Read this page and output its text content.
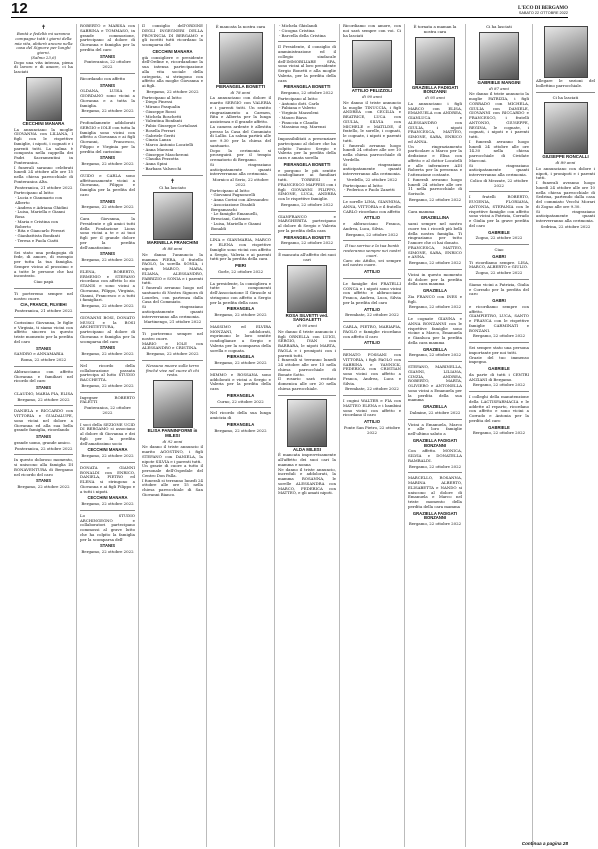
12	L'ECO DI BERGAMO
SABATO 22 OTTOBRE 2022
✝
Bontà e fedeltà mi saranno compagne tutti i giorni della mia vita, abiterò ancora nella casa del Signore per lunghi giorni.
(Salmo 23,6)
Dopo una vita intensa, piena di lavoro e di amore, ci ha lasciati
CECCHINI MANARA
La annunciano la moglie GIOVANNA con LILIANA, I figli con le rispettive famiglie, i nipoti, i cognati e i parenti tutti. La salma è composta nella cappella dei Padri Sacramentini in Ponteranica.
I funerali saranno celebrati lunedì 24 ottobre alle ore 15 nella chiesa parrocchiale di Ponteranica Alta.
Ponteranica, 21 ottobre 2022
Partecipano al lutto:
- Lucia e Gianmario con Alberto
- Andrea e Adriana Ghidini
- Luisa, Mariella e Gianni Rosa
- Maria e Cristina con Roberto
- Rita e Giancarlo Ferrari
- Gianbattista Bonfanti
- Teresa e Paola Ciatti
Sei stato una pedagogia di fede, di amore, di esempio per tutta la tua famiglia. Sempre vicino al prossimo e a tutte le persone che hai incontrato.
Ciao papà
Ti porteremo sempre nel nostro cuore.
CIA, FRANCE, FILVIEHI
Ponteranica, 21 ottobre 2022
Corissimo Giovanna, le figlie e Virginia, ti siamo vicini con affetto sincero in questo triste momento per la perdita del caro
STANIS
SANDRO e ANNAMARIA
Roma, 22 ottobre 2022
Abbracciamo con affetto Giovanna e familiari nel ricordo del caro
STANIS
CLAUDIO, MARIA PIA, ELISA
Bergamo, 22 ottobre 2022
DANIELA e RICCARDO con VITTORIA e GUADALUPE, sono vicini nel dolore a Giovanna ed alla sua bella grande famiglia, ricordando
STANIS
grande uomo, grande amico.
Ponteranica, 22 ottobre 2022
In questo doloroso momento, si uniscono alla famiglia DI BONAVENTURA di Bergamo nel ricordo del caro
STANIS
Bergamo, 22 ottobre 2022
ROBERTO e MARISA con SABRINA e TOMMASO, in grande commozione, partecipano al dolore di Giovanna e famiglia per la perdita del caro
STANIS
Ponteranica, 22 ottobre 2022
Ricordando con affetto
STANIS
OLDANA, LUISA e GIORDANO sono vicini a Giovanna e a tutta la famiglia.
Bergamo, 22 ottobre 2022
Profondamente addolorati SERGIO e IOLE con tutta la famiglia sono vicini con affetto a Giovanna e ai figli Giovanni, Francesco, Filippo e Virginia per la perdita del carissimo
STANIS
Bergamo, 22 ottobre 2022
GUIDO e CARLA sono affettuosamente vicini a Giovanna, Filippo e famiglia per la perdita del caro
STANIS
Bergamo, 22 ottobre 2022
Cara Giovanna, la Presidente e gli amici tutti della Fondazione Lions sono vicini a te e ai tuoi figli per il grande dolore per la perdita dell'amatissimo
STANIS
Bergamo, 22 ottobre 2022
ELENA, ROBERTO, ERMENIO e STEFANO ricordano con affetto lo zio STANIS e sono vicini a Giovanna, Filippo, Virginia, Gianni, Francesco e a tutti i famigliari.
Bergamo, 22 ottobre 2022
GIOVANNI BOSI, DONATO MUSCI e la BOSI ARCHITETTURA, partecipano al dolore di Giovanna e famiglia per la scomparsa del caro
STANIS
Bergamo, 22 ottobre 2022
Nel ricordo della collaborazione passata partecipa al lutto STUDIO BACCHETTA.
Bergamo, 22 ottobre 2022
Ingegner ROBERTO FALETTI
Ponteranica, 22 ottobre 2022
I soci della SEZIONE UCID DI BERGAMO si associano al dolore di Giovanna e dei figli per la perdita dell'amatissimo socio
CECCHINI MANARA
Bergamo, 22 ottobre 2022
DONATA e GIANNI BONALDI con ENRICO, DANIELA, PIETRO ed ELENA si stringono a Giovanna e ai figli Filippo e a tutti i nipoti.
CECCHINI MANARA
Bergamo, 22 ottobre 2022
Lo STUDIO ARCHINGEGNO e collaboratori partecipano commossi al grave lutto che ha colpito la famiglia per la scomparsa dell'
STANIS
Bergamo, 22 ottobre 2022
Il consiglio dell'ORDINE DEGLI INGEGNERI DELLA PROVINCIA DI BERGAMO e gli iscritti tutti ricordano la scomparsa del
CECCHINI MANARA
già consigliere e presidente dell'Ordine e, ricordandone la sua intensa partecipazione alla vita sociale della categoria, si stringono con affetto alla moglie Giovanna e ai figli.
Bergamo, 22 ottobre 2022
Partecipano al lutto:
- Diego Pinessi
- Mirano Pasqualin
- Giuseppe Rossi
- Michela Boschetti
- Valentina Bonfanti
- Fabio Giuseppe Cortalozzi
- Rosella Ferrari
- Gabriele Geriti
- Cinzia Lanza
- Marco Antonio Locatelli
- Anna Marzoni
- Giuseppe Mascheroni
- Claudia Pezzotta
- Anna Spini
- Barbara Valsecchi
✝
Ci ha lasciato
MARINELLA FRANCHINI
di 88 anni
Ne danno l'annuncio la mamma PIERA, il fratello PAOLO, la sorella SONIA, i nipoti MARCO, MARA, ELIANA, ALESSANDRO, FABRIZIO e SONIA e i parenti tutti.
I funerali avranno luogo nel santuario di Nostra Signora di Lourdes, con partenza dalla Casa del Commiato.
Si ringraziano anticipatamente quanti interverranno alla cerimonia.
Martinengo, 21 ottobre 2022
Ti porteremo sempre nel nostro cuore.
MARIO e IOLE con ALESSANDRO e CRISTINA.
Bergamo, 22 ottobre 2022
Nessuno muore sulla terra finché vive nel cuore di chi resta.
ELISA PANNINFORMI in MILESI
di 92 anni
Ne danno il triste annuncio il marito AGOSTINO, i figli STEFANO con DANIELA, la nipote SILVIA e i parenti tutti.
Un grazie di cuore a tutto il personale dell'Ospedale del Centro Don Palla.
I funerali si terranno lunedì 24 ottobre alle ore 15 nella chiesa parrocchiale di San Giovanni Bianco.
È mancata la nostra cara
PIERANGELA BONETTI
di 78 anni
La annunciano con dolore il marito SERGIO con VALERIA e i parenti tutti. Un sentito ringraziamento a Carmen, Rita e Alberta per la lunga assistenza e il grande affetto.
La camera ardente è allestita presso la Casa del Commiato di Lallio. La salma partirà alle ore 9.30 per la chiesa del santuario.
Dopo la cerimonia si proseguirà per il tempio crematorio di Bergamo.
Si ringraziano anticipatamente quanti interverranno alla cerimonia.
Mornico al Serio, 22 ottobre 2022
Partecipano al lutto:
- Giovanni Pagnoncelli
- Anna Corini con Alessandro
- Associazione Disabili Bergamaschi
- Le famiglie Emanuelli, Bresciani, Cattaneo
- Luisa, Mariella e Gianni Bonaldi
LINA e GIANMARIA, MARCO e ELENA con rispettive famiglie sono vicini con affetto a Sergio, Valeria e ai parenti tutti per la perdita della cara
PIERI
Gorle, 22 ottobre 2022
La presidente, la consigliera e tutte le componenti dell'Associazione Il Girasole si stringono con affetto a Sergio per la perdita della cara
PIERANGELA
Bergamo, 22 ottobre 2022
MASSIMO ed ELVIRA MONZANI, addolorati, esprimono le loro sentite condoglianze a Sergio e Valeria per la scomparsa della sorella e cognata.
PIERANGELA
Bergamo, 22 ottobre 2022
MIMMO e ROSSANA sono addolorati e vicini a Sergio e Valeria per la perdita della cara
PIERANGELA
Curno, 22 ottobre 2022
Nel ricordo della sua lunga amicizia di
PIERANGELA
Bergamo, 22 ottobre 2022
- Michela Ghislandi
- Cicogna Cristina
- Barcella della Cristina
Il Presidente, il consiglio di amministrazione ed il collegio sindacale dell'IMMOBILIARE SPA, sono vicini al loro presidente Sergio Bonetti e alla moglie Valeria, per la perdita della cara
PIERANGELA BONETTI
Bergamo, 22 ottobre 2022
Partecipano al lutto:
- Antonio dott. Carlo
- Fabiana e Valerio
- Virginio Mazzoleni
- Mauro Biava
- Pinuccia e Claudio
- Massimo rag. Marenzi
Impossibilitati a presenziare partecipano al dolore che ha colpito l'amico Sergio e Valeria per la perdita della cara e amata sorella
PIERANGELA BONETTI
e porgono le più sentite condoglianze ai familiari tutti. TORRESI e FRANCESCO MAFFEIS con i figli GIOVANNI FILIPPO, SIMONE, LUCA, ANDREA con le rispettive famiglie.
Bergamo, 22 ottobre 2022
GIANFRANCO e MARGHERITA partecipano al dolore di Sergio e Valeria per la perdita della cara
PIERANGELA BONETTI
Bergamo, 22 ottobre 2022
È mancata all'affetto dei suoi cari
ROSA SILVETTI ved. SANGALETTI
di 90 anni
Ne danno il triste annuncio i figli ORNELLA con LUIGI, SERGIO, IVAN con BARBARA, le nipoti MARTA, PAOLA e i pronipoti con i parenti tutti.
I funerali si terranno lunedì 24 ottobre alle ore 15 nella chiesa parrocchiale di Bonate Sotto.
Il rosario sarà recitato domenica alle ore 20 nella chiesa parrocchiale.
ALDA MILESI
È mancata improvvisamente all'affetto dei suoi cari la mamma e nonna
Ne danno il triste annuncio, increduli e addolorati, la mamma ROSANNA, le sorelle ALESSANDRA con MARCO, FEDERICA con MATTEO, e gli amati nipoti.
Ricordiamo con amore, con noi sarà sempre con voi. Ci ha lasciati
ATTILIO PELIZZOLI
di 90 anni
Ne danno il triste annuncio la moglie TINUCCIA, i figli ANDREA con CECILIA e BEATRICE, LUCA con GIULIA, SILVIA con MICHELE e MATILDE, il fratello, le sorelle, i cognati, le cognate, i nipoti e parenti tutti.
I funerali avranno luogo lunedì 24 ottobre alle ore 10 nella chiesa parrocchiale di Verdello.
Si ringraziano anticipatamente quanti interverranno alla cerimonia.
Verdello, 22 ottobre 2022
Partecipano al lutto:
- Federica e Paolo Zanetti
Le sorelle LINA, GIANNINA, ANNA, VITTORIA e il fratello CARLO ricordano con affetto
ATTILIO
e abbracciano Franca, Andrea, Luca, Silvia.
Bergamo, 22 ottobre 2022
Il tuo sorriso e la tua bontà resteranno sempre nei nostri cuori.
Caro zio Attilio, sei sempre nel nostro cuore.
ATTILIO
Le famiglie dei FRATELLI CONCA e i nipoti sono vicini con affetto e abbracciano Franca, Andrea, Luca, Silvia per la perdita del caro
ATTILIO
Brembate, 22 ottobre 2022
CARLA, PIETRO, MARIAPIA, PAOLO e famiglie ricordano con affetto il caro
ATTILIO
RENATO FOSSANI con VITTORIA, i figli PAOLO con SABRINA e YANNICK, FEDERICA con CRISTIAN sono vicini con affetto a Franca, Andrea, Luca e Silvia.
Brembate, 22 ottobre 2022
I cugini WALTER e FIA con MATTEO ELENA e i bambini sono vicini con affetto e ricordano il caro
ATTILIO
Ponte San Pietro, 22 ottobre 2022
È tornata a maman la nostra cara
GRAZIELLA FADIGATI BONZANNI
di 95 anni
La annunciano i figli MARCO con ELISA, EMANUELA con ANDREA, GIANLUCA e ALESSANDRO con GIULIA, i nipoti FRANCESCA, MATTEO, SIMONE, SARA, ENRICO ed ANNA.
Un ringraziamento particolare a Marco per la dedizione e Elisa con affetto e al dottor Locatelli e alle infermiere ADI Roberta per la presenza e l'attenzione costante.
I funerali avranno luogo lunedì 24 ottobre alle ore 11 nella parrocchiale di Sorisole.
Bergamo, 22 ottobre 2022
Cara mamma
GRAZIELLINA
sarai sempre nel nostro cuore tra i ricordi più belli della nostra famiglia. Ti ringraziamo per tutto l'amore che ci hai donato.
FRANCESCA, MATTEO, SIMONE, SARA, ENRICO e ANNA.
Bergamo, 22 ottobre 2022
Vicini in questo momento di dolore per la perdita della cara mamma
GRAZIELLA
Zia FRANCO con INES e figli.
Bergamo, 22 ottobre 2022
Le cognate GIANNA e ANNA BONZANNI con le rispettive famiglie sono vicine a Marco, Emanuela e Gianluca per la perdita della cara mamma
GRAZIELLA
Bergamo, 22 ottobre 2022
STEFANO, MARINELLA, GIANNI, LILIANA, CINZIA, ANDREA, ROBERTO, MARTA, OLIVIERO e ANTONELLA sono vicini a Emanuela per la perdita della sua mamma
GRAZIELLA
Dalmine, 22 ottobre 2022
Vicini a Emanuela, Marco e alle loro famiglie nell'ultimo saluto a
GRAZIELLA FADIGATI BONZANNI
Con affetto. MONICA, SILVIA e DONATELLA RAMBALDI.
Bergamo, 22 ottobre 2022
MARCELLO, ROSANNA, MARINA ALBERTO, ELISABETTA e NANDO si uniscono al dolore di Emanuela e Marco nel triste momento della perdita della cara mamma
GRAZIELLA FADIGATI BONZANNI
Bergamo, 22 ottobre 2022
Ci ha lasciati
GABRIELE MANGINI
di 87 anni
Ne danno il triste annuncio la moglie PATRIZIA, i figli CORRADO con MICHELA, GIULIA con DANIELE, GIOVANNI con RICCARDO e FRANCESCO, i fratelli ANTONIO, GIUSEPPE, REGINA, le cognate, i cognati, i nipoti e i parenti tutti.
I funerali avranno luogo lunedì 24 ottobre alle ore 14.30 nella chiesa parrocchiale di Cividate Marconi.
Si ringraziano anticipatamente quanti interverranno alla cerimonia.
Colico di Mezzate, 22 ottobre 2022
I fratelli ROBERTO, EUGENIA, FLORIANA, ANTONIA, STEFANIA con le rispettive famiglie con affetto sono vicini a Patrizia, Corrado e Giulia per la grave perdita del caro
GABRIELE
Zogno, 22 ottobre 2022
Ciao
GABRI
Ti ricordiamo sempre. LISA, MARCO, ALBERTO e GIULIO.
Zogno, 22 ottobre 2022
Siamo vicini a Patrizia, Giulia e Corrado per la perdita del caro
GABRI
e ricordiamo sempre con affetto.
GIAMPIETRO, LUCA, SANTO e FRANCA con le rispettive famiglie CARMINATI e BONZANI.
Bergamo, 22 ottobre 2022
Sei sempre stato una persona importante per noi tutti.
Grazie del tuo immenso impegno.
GABRIELE
da parte di tutti i CENTRI ANZIANI di Bergamo.
Bergamo, 22 ottobre 2022
I colleghi della manutenzione della LACTISFARMACIA e le addette al reparto, ricordano con affetto e sono vicini a Corrado e Antonia per la perdita del caro
GABRIELE
Bergamo, 22 ottobre 2022
Allegare le sezioni del bollettino parrocchiale.
Ci ha lasciati
GIUSEPPE RONCALLI
di 89 anni
Lo annunciano con dolore i nipoti, i pronipoti e i parenti tutti.
I funerali avranno luogo lunedì 24 ottobre alle ore 10 nella chiesa parrocchiale di Sedrina, partendo dalla casa del commiato Vecchi Morari di Zogno alle ore 9.30.
Si ringraziano anticipatamente quanti interverranno alla cerimonia.
Sedrina, 22 ottobre 2022
Continua a pagina 28
